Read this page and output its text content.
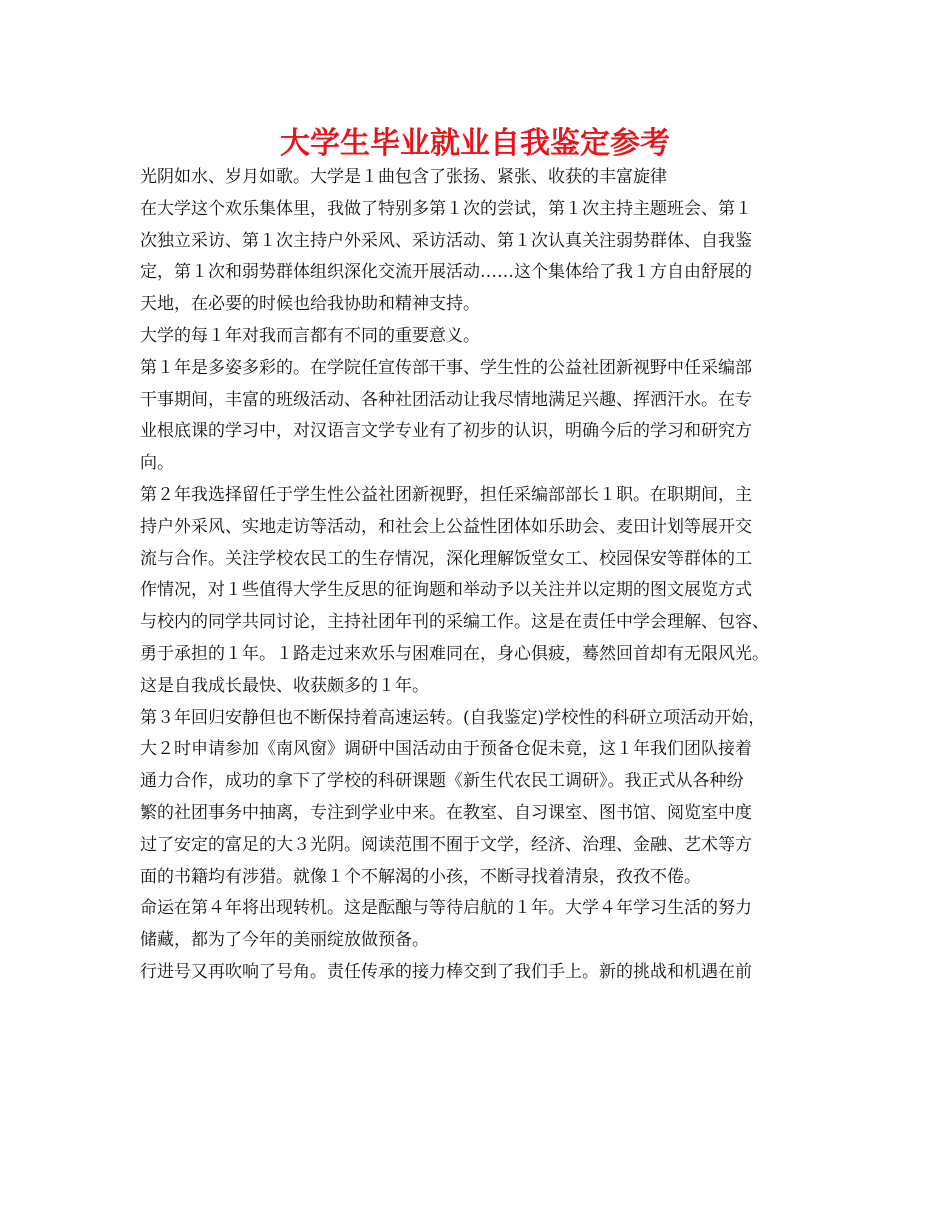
大学生毕业就业自我鉴定参考
光阴如水、岁月如歌。大学是１曲包含了张扬、紧张、收获的丰富旋律
在大学这个欢乐集体里，我做了特别多第１次的尝试，第１次主持主题班会、第１
次独立采访、第１次主持户外采风、采访活动、第１次认真关注弱势群体、自我鉴
定，第１次和弱势群体组织深化交流开展活动……这个集体给了我１方自由舒展的
天地，在必要的时候也给我协助和精神支持。
大学的每１年对我而言都有不同的重要意义。
第１年是多姿多彩的。在学院任宣传部干事、学生性的公益社团新视野中任采编部
干事期间，丰富的班级活动、各种社团活动让我尽情地满足兴趣、挥洒汗水。在专
业根底课的学习中，对汉语言文学专业有了初步的认识，明确今后的学习和研究方
向。
第２年我选择留任于学生性公益社团新视野，担任采编部部长１职。在职期间，主
持户外采风、实地走访等活动，和社会上公益性团体如乐助会、麦田计划等展开交
流与合作。关注学校农民工的生存情况，深化理解饭堂女工、校园保安等群体的工
作情况，对１些值得大学生反思的征询题和举动予以关注并以定期的图文展览方式
与校内的同学共同讨论，主持社团年刊的采编工作。这是在责任中学会理解、包容、
勇于承担的１年。１路走过来欢乐与困难同在，身心俱疲，蓦然回首却有无限风光。
这是自我成长最快、收获颇多的１年。
第３年回归安静但也不断保持着高速运转。(自我鉴定)学校性的科研立项活动开始，
大２时申请参加《南风窗》调研中国活动由于预备仓促未竟，这１年我们团队接着
通力合作，成功的拿下了学校的科研课题《新生代农民工调研》。我正式从各种纷
繁的社团事务中抽离，专注到学业中来。在教室、自习课室、图书馆、阅览室中度
过了安定的富足的大３光阴。阅读范围不囿于文学，经济、治理、金融、艺术等方
面的书籍均有涉猎。就像１个不解渴的小孩，不断寻找着清泉，孜孜不倦。
命运在第４年将出现转机。这是酝酿与等待启航的１年。大学４年学习生活的努力
储藏，都为了今年的美丽绽放做预备。
行进号又再吹响了号角。责任传承的接力棒交到了我们手上。新的挑战和机遇在前
